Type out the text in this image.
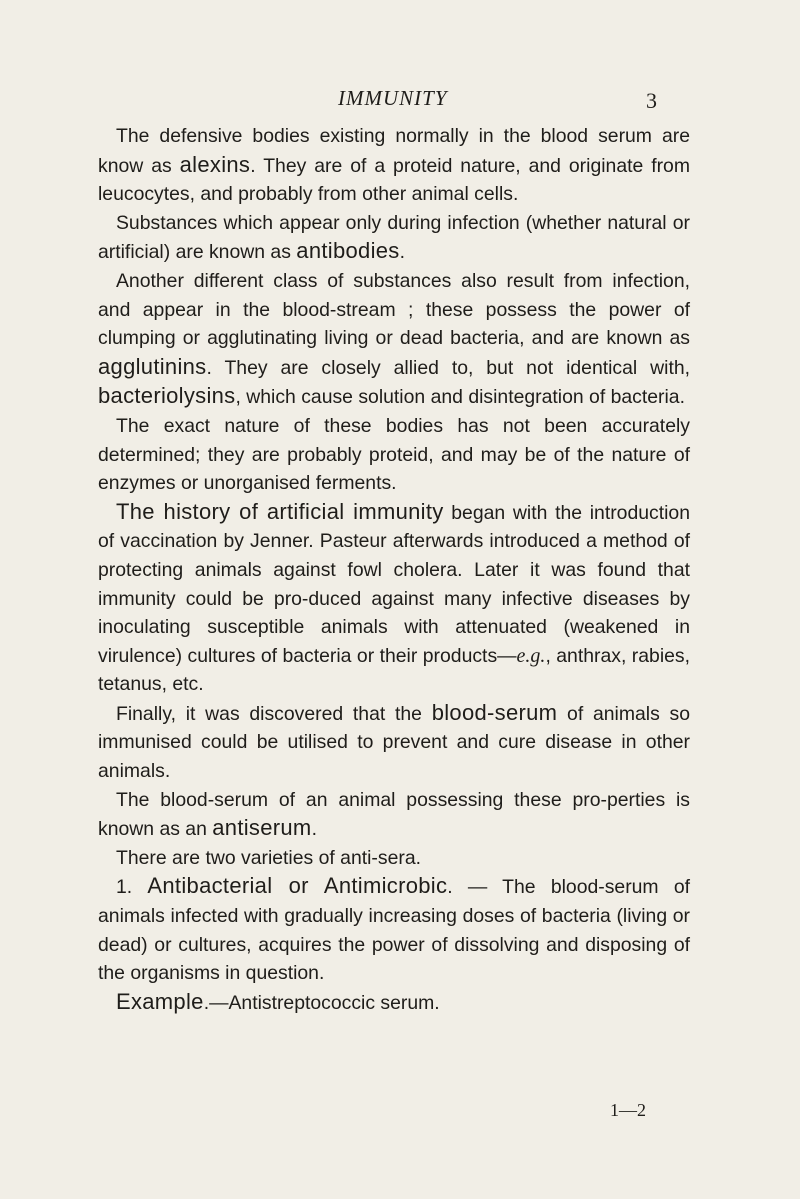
IMMUNITY	3

The defensive bodies existing normally in the blood serum are know as alexins. They are of a proteid nature, and originate from leucocytes, and probably from other animal cells.

Substances which appear only during infection (whether natural or artificial) are known as antibodies.

Another different class of substances also result from infection, and appear in the blood-stream ; these possess the power of clumping or agglutinating living or dead bacteria, and are known as agglutinins. They are closely allied to, but not identical with, bacteriolysins, which cause solution and disintegration of bacteria.

The exact nature of these bodies has not been accurately determined; they are probably proteid, and may be of the nature of enzymes or unorganised ferments.

The history of artificial immunity began with the introduction of vaccination by Jenner. Pasteur afterwards introduced a method of protecting animals against fowl cholera. Later it was found that immunity could be pro-duced against many infective diseases by inoculating susceptible animals with attenuated (weakened in virulence) cultures of bacteria or their products—e.g., anthrax, rabies, tetanus, etc.

Finally, it was discovered that the blood-serum of animals so immunised could be utilised to prevent and cure disease in other animals.

The blood-serum of an animal possessing these pro-perties is known as an antiserum.

There are two varieties of anti-sera.

1. Antibacterial or Antimicrobic. — The blood-serum of animals infected with gradually increasing doses of bacteria (living or dead) or cultures, acquires the power of dissolving and disposing of the organisms in question.

Example.—Antistreptococcic serum.

1—2
